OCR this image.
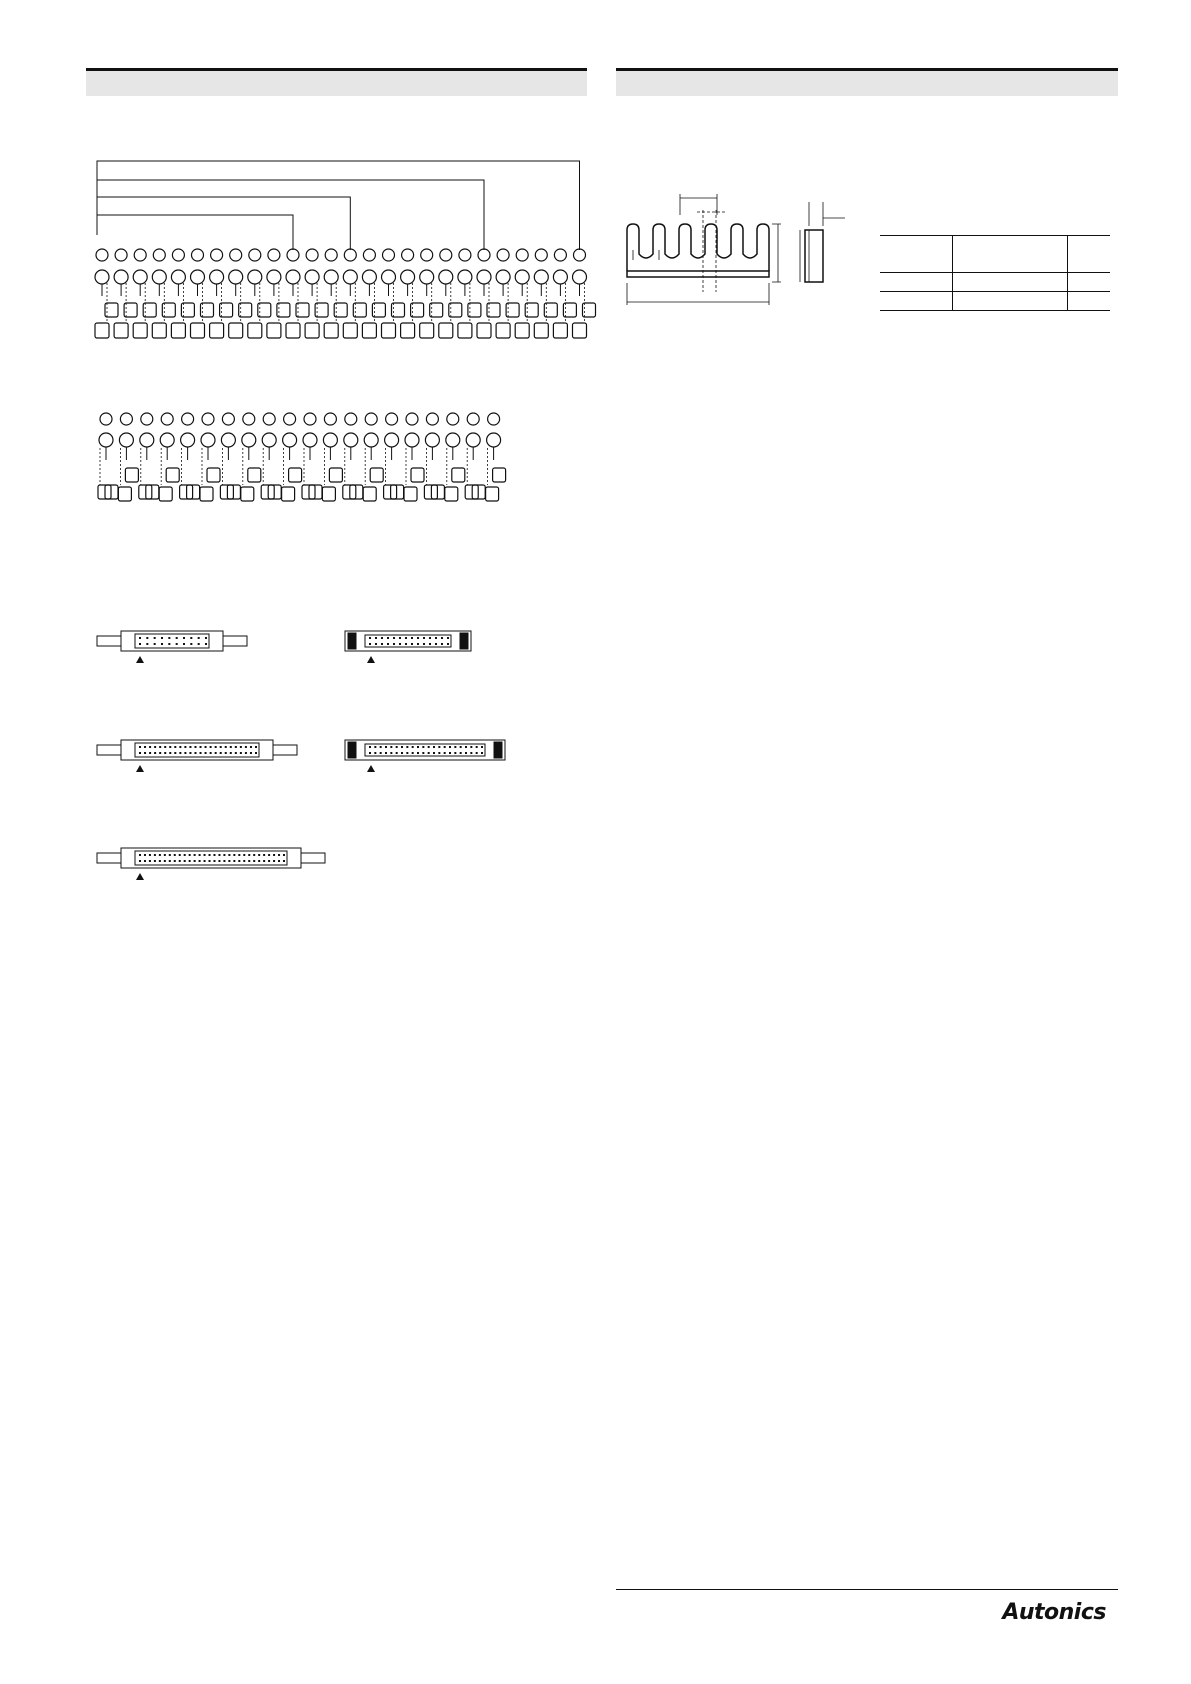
Autonics
